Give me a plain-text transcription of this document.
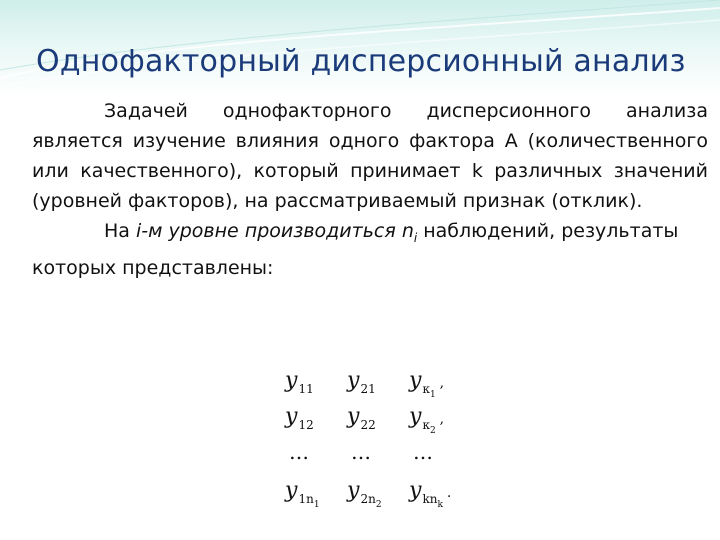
Однофакторный дисперсионный анализ

Задачей однофакторного дисперсионного анализа является изучение влияния одного фактора А (количественного или качественного), который принимает k различных значений (уровней факторов), на рассматриваемый признак (отклик).

На i-м уровне производиться $n_i$ наблюдений, результаты которых представлены:

$y_{11}$ $y_{21}$ $y_{к_1}$,
$y_{12}$ $y_{22}$ $y_{к_2}$,
… … …
$y_{1n_1}$
$y_{2n_2}$
$y_{kn_k}$.
